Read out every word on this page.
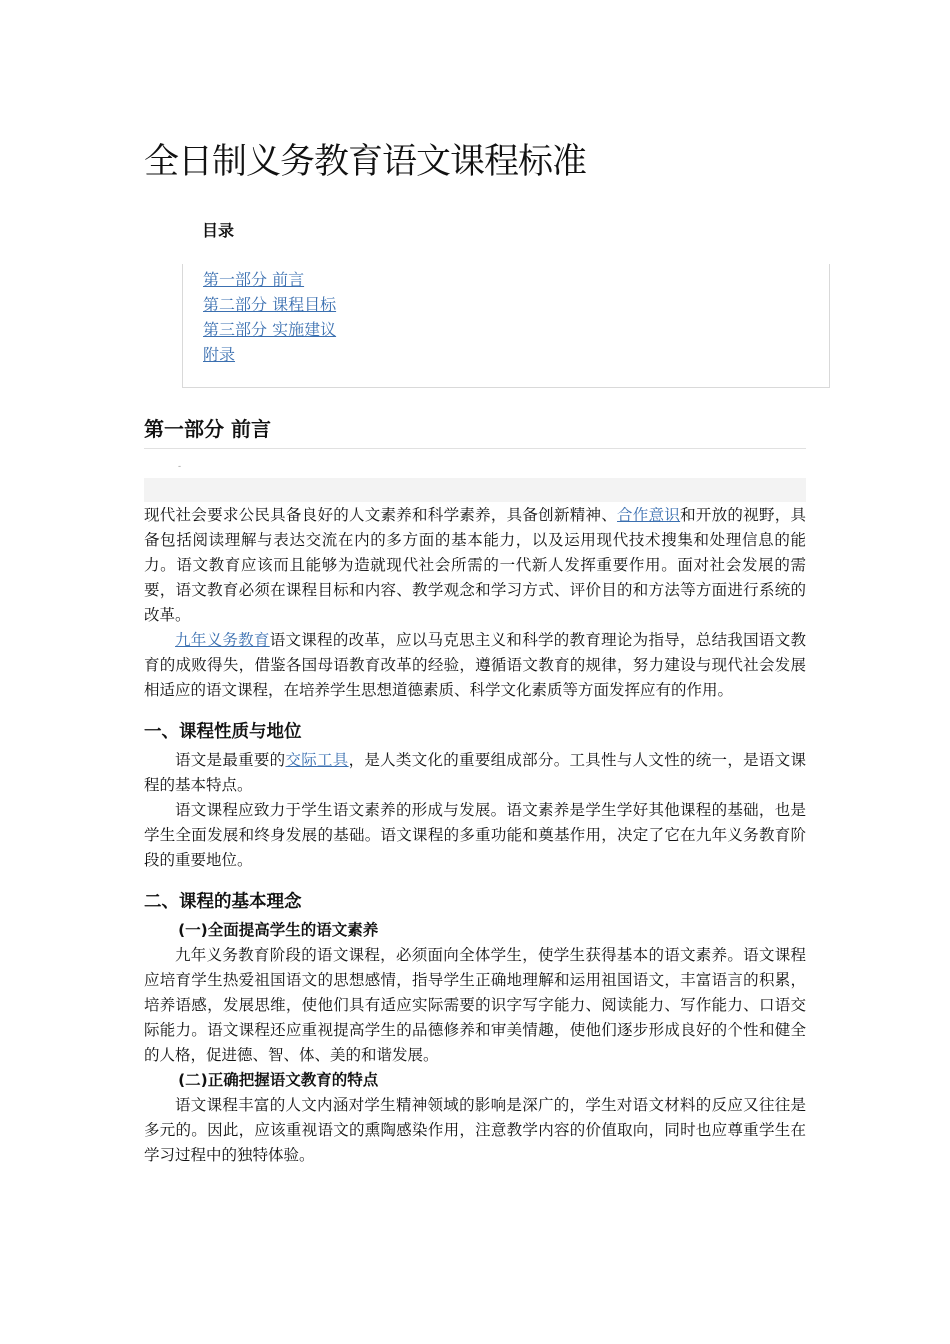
全日制义务教育语文课程标准
目录
第一部分 前言
第二部分 课程目标
第三部分 实施建议
附录
第一部分 前言
-

现代社会要求公民具备良好的人文素养和科学素养，具备创新精神、合作意识和开放的视野，具备包括阅读理解与表达交流在内的多方面的基本能力，以及运用现代技术搜集和处理信息的能力。语文教育应该而且能够为造就现代社会所需的一代新人发挥重要作用。面对社会发展的需要，语文教育必须在课程目标和内容、教学观念和学习方式、评价目的和方法等方面进行系统的改革。

九年义务教育语文课程的改革，应以马克思主义和科学的教育理论为指导，总结我国语文教育的成败得失，借鉴各国母语教育改革的经验，遵循语文教育的规律，努力建设与现代社会发展相适应的语文课程，在培养学生思想道德素质、科学文化素质等方面发挥应有的作用。

一、课程性质与地位

语文是最重要的交际工具，是人类文化的重要组成部分。工具性与人文性的统一，是语文课程的基本特点。

语文课程应致力于学生语文素养的形成与发展。语文素养是学生学好其他课程的基础，也是学生全面发展和终身发展的基础。语文课程的多重功能和奠基作用，决定了它在九年义务教育阶段的重要地位。

二、课程的基本理念
(一)全面提高学生的语文素养

九年义务教育阶段的语文课程，必须面向全体学生，使学生获得基本的语文素养。语文课程应培育学生热爱祖国语文的思想感情，指导学生正确地理解和运用祖国语文，丰富语言的积累，培养语感，发展思维，使他们具有适应实际需要的识字写字能力、阅读能力、写作能力、口语交际能力。语文课程还应重视提高学生的品德修养和审美情趣，使他们逐步形成良好的个性和健全的人格，促进德、智、体、美的和谐发展。

(二)正确把握语文教育的特点

语文课程丰富的人文内涵对学生精神领域的影响是深广的，学生对语文材料的反应又往往是多元的。因此，应该重视语文的熏陶感染作用，注意教学内容的价值取向，同时也应尊重学生在学习过程中的独特体验。
